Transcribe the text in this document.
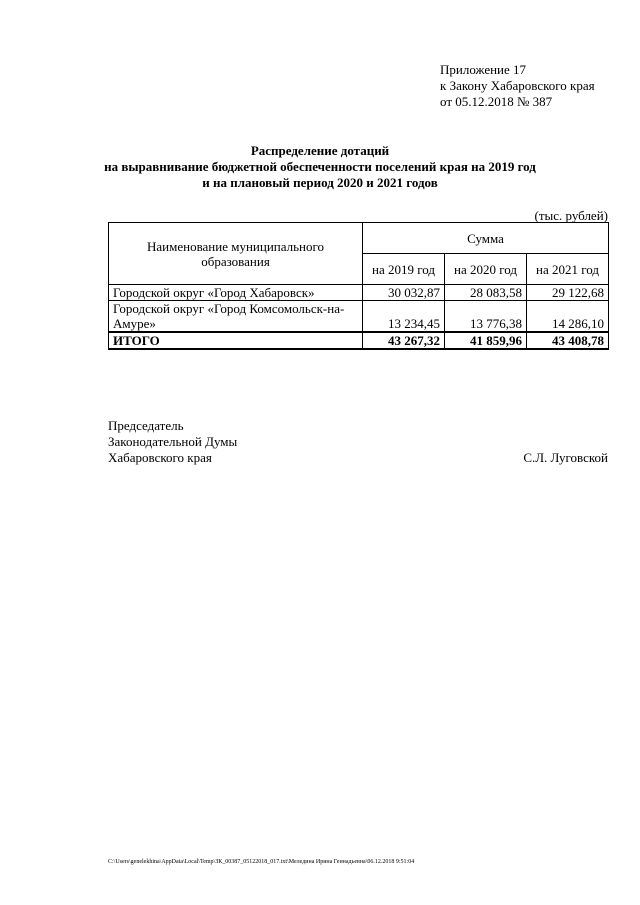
Приложение 17
к Закону Хабаровского края
от 05.12.2018 № 387
Распределение дотаций
на выравнивание бюджетной обеспеченности поселений края на 2019 год
и на плановый период 2020 и 2021 годов
(тыс. рублей)
Наименование муниципального образования	Сумма		
	на 2019 год	на 2020 год	на 2021 год
Городской округ «Город Хабаровск»	30 032,87	28 083,58	29 122,68
Городской округ «Город Комсомольск-на-Амуре»	13 234,45	13 776,38	14 286,10
ИТОГО	43 267,32	41 859,96	43 408,78
Председатель
Законодательной Думы
Хабаровского края	С.Л. Луговской
C:\Users\genelekhina\AppData\Local\Temp\ЗК_00387_05122018_017.txt\Меледина Ирина Геннадьевна\06.12.2018 9:51:04
